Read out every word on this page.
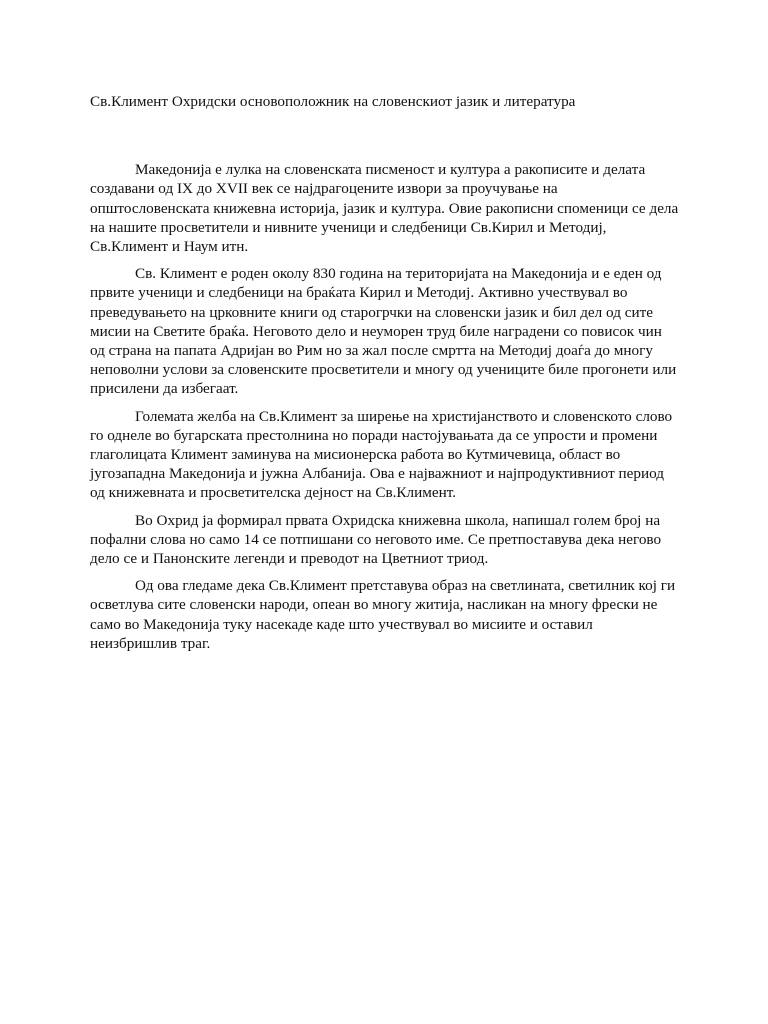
Св.Климент Охридски основоположник на словенскиот јазик и литература

Македонија е лулка на словенската писменост и култура а ракописите и делата
создавани од IX до XVII век се најдрагоцените извори за проучување на
општословенската книжевна историја, јазик и култура. Овие ракописни споменици се дела
на нашите просветители и нивните ученици и следбеници Св.Кирил и Методиј,
Св.Климент и Наум итн.

Св. Климент е роден околу 830 година на територијата на Македонија и е еден од
првите ученици и следбеници на браќата Кирил и Методиј. Активно учествувал во
преведувањето на црковните книги од старогрчки на словенски јазик и бил дел од сите
мисии на Светите браќа. Неговото дело и неуморен труд биле наградени со повисок чин
од страна на папата Адријан во Рим но за жал после смртта на Методиј доаѓа до многу
неповолни услови за словенските просветители и многу од учениците биле прогонети или
присилени да избегаат.

Големата желба на Св.Климент за ширење на христијанството и словенското слово
го однеле во бугарската престолнина но поради настојувањата да се упрости и промени
глаголицата Климент заминува на мисионерска работа во Кутмичевица, област во
југозападна Македонија и јужна Албанија. Ова е најважниот и најпродуктивниот период
од книжевната и просветителска дејност на Св.Климент.

Во Охрид ја формирал првата Охридска книжевна школа, напишал голем број на
пофални слова но само 14 се потпишани со неговото име. Се претпоставува дека негово
дело се и Панонските легенди и преводот на Цветниот триод.

Од ова гледаме дека Св.Климент претставува образ на светлината, светилник кој ги
осветлува сите словенски народи, опеан во многу житија, насликан на многу фрески не
само во Македонија туку насекаде каде што учествувал во мисиите и оставил
неизбришлив траг.
